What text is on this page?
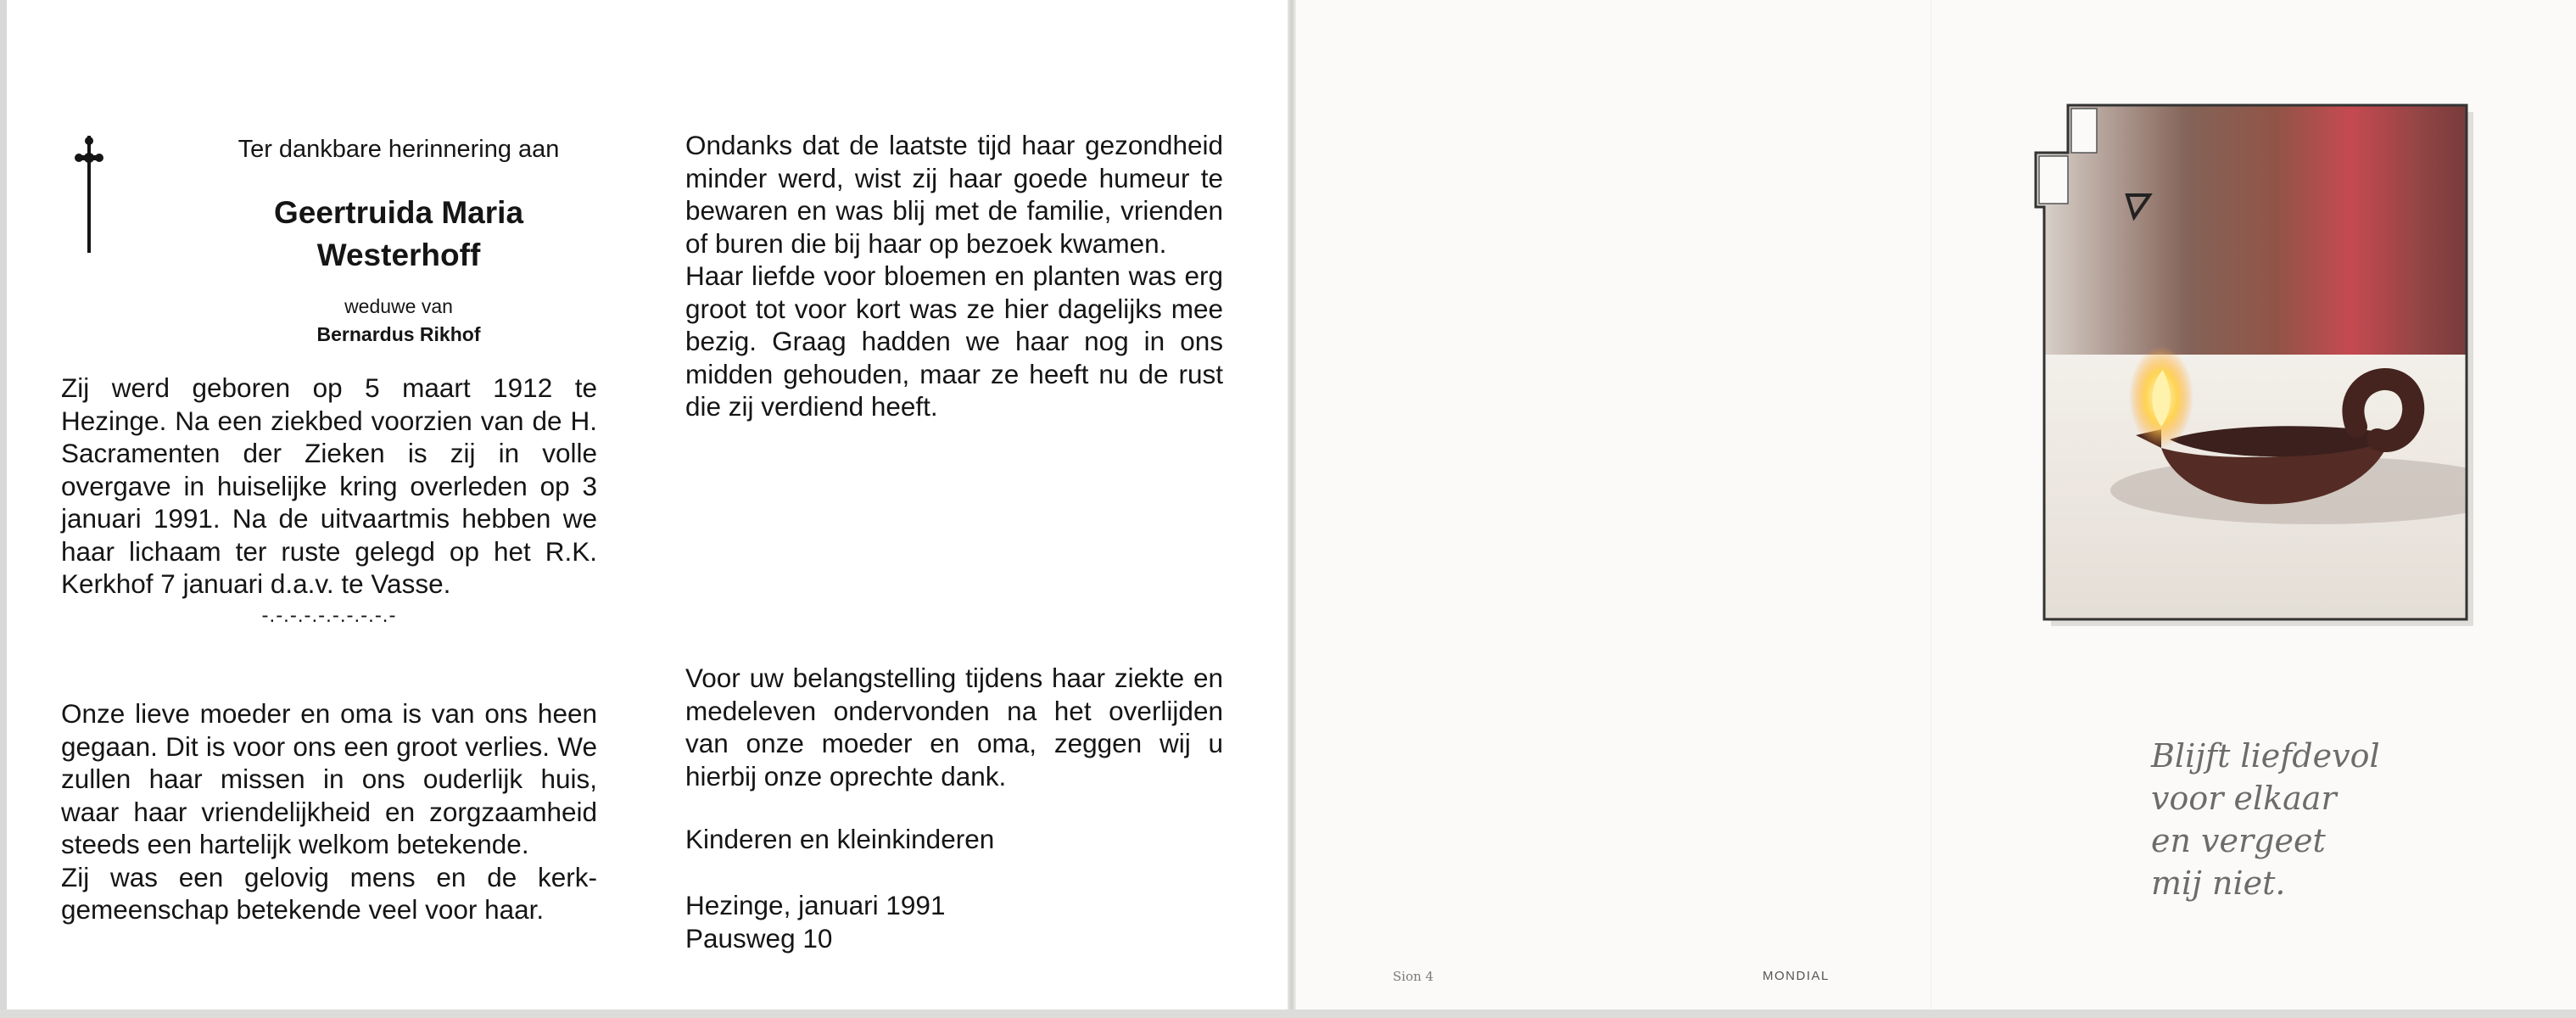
Ter dankbare herinnering aan
Geertruida Maria
Westerhoff
weduwe van
Bernardus Rikhof

Zij werd geboren op 5 maart 1912 te Hezinge. Na een ziekbed voorzien van de H. Sacramenten der Zieken is zij in volle overgave in huiselijke kring overleden op 3 januari 1991. Na de uitvaartmis hebben we haar lichaam ter ruste gelegd op het R.K. Kerkhof 7 januari d.a.v. te Vasse.

-.-.-.-.-.-.-.-.-.-

Onze lieve moeder en oma is van ons heen gegaan. Dit is voor ons een groot verlies. We zullen haar missen in ons ouderlijk huis, waar haar vriendelijkheid en zorgzaamheid steeds een hartelijk welkom betekende.

Zij was een gelovig mens en de kerkgemeenschap betekende veel voor haar.

Ondanks dat de laatste tijd haar gezondheid minder werd, wist zij haar goede humeur te bewaren en was blij met de familie, vrienden of buren die bij haar op bezoek kwamen.

Haar liefde voor bloemen en planten was erg groot tot voor kort was ze hier dagelijks mee bezig. Graag hadden we haar nog in ons midden gehouden, maar ze heeft nu de rust die zij verdiend heeft.

Voor uw belangstelling tijdens haar ziekte en medeleven ondervonden na het overlijden van onze moeder en oma, zeggen wij u hierbij onze oprechte dank.

Kinderen en kleinkinderen
Hezinge, januari 1991
Pausweg 10
Blijft liefdevol
voor elkaar
en vergeet
mij niet.
Sion 4	MONDIAL
